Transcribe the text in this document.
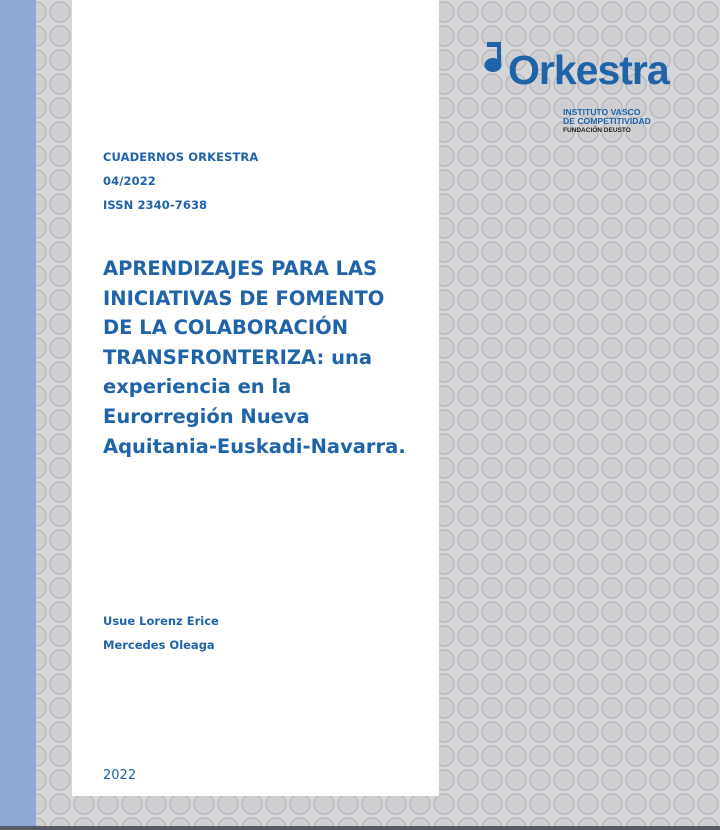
CUADERNOS ORKESTRA
04/2022
ISSN 2340-7638
APRENDIZAJES PARA LAS
INICIATIVAS DE FOMENTO
DE LA COLABORACIÓN
TRANSFRONTERIZA: una
experiencia en la
Eurorregión Nueva
Aquitania-Euskadi-Navarra.
Usue Lorenz Erice
Mercedes Oleaga
2022
Orkestra
INSTITUTO VASCO
DE COMPETITIVIDAD
FUNDACIÓN DEUSTO
